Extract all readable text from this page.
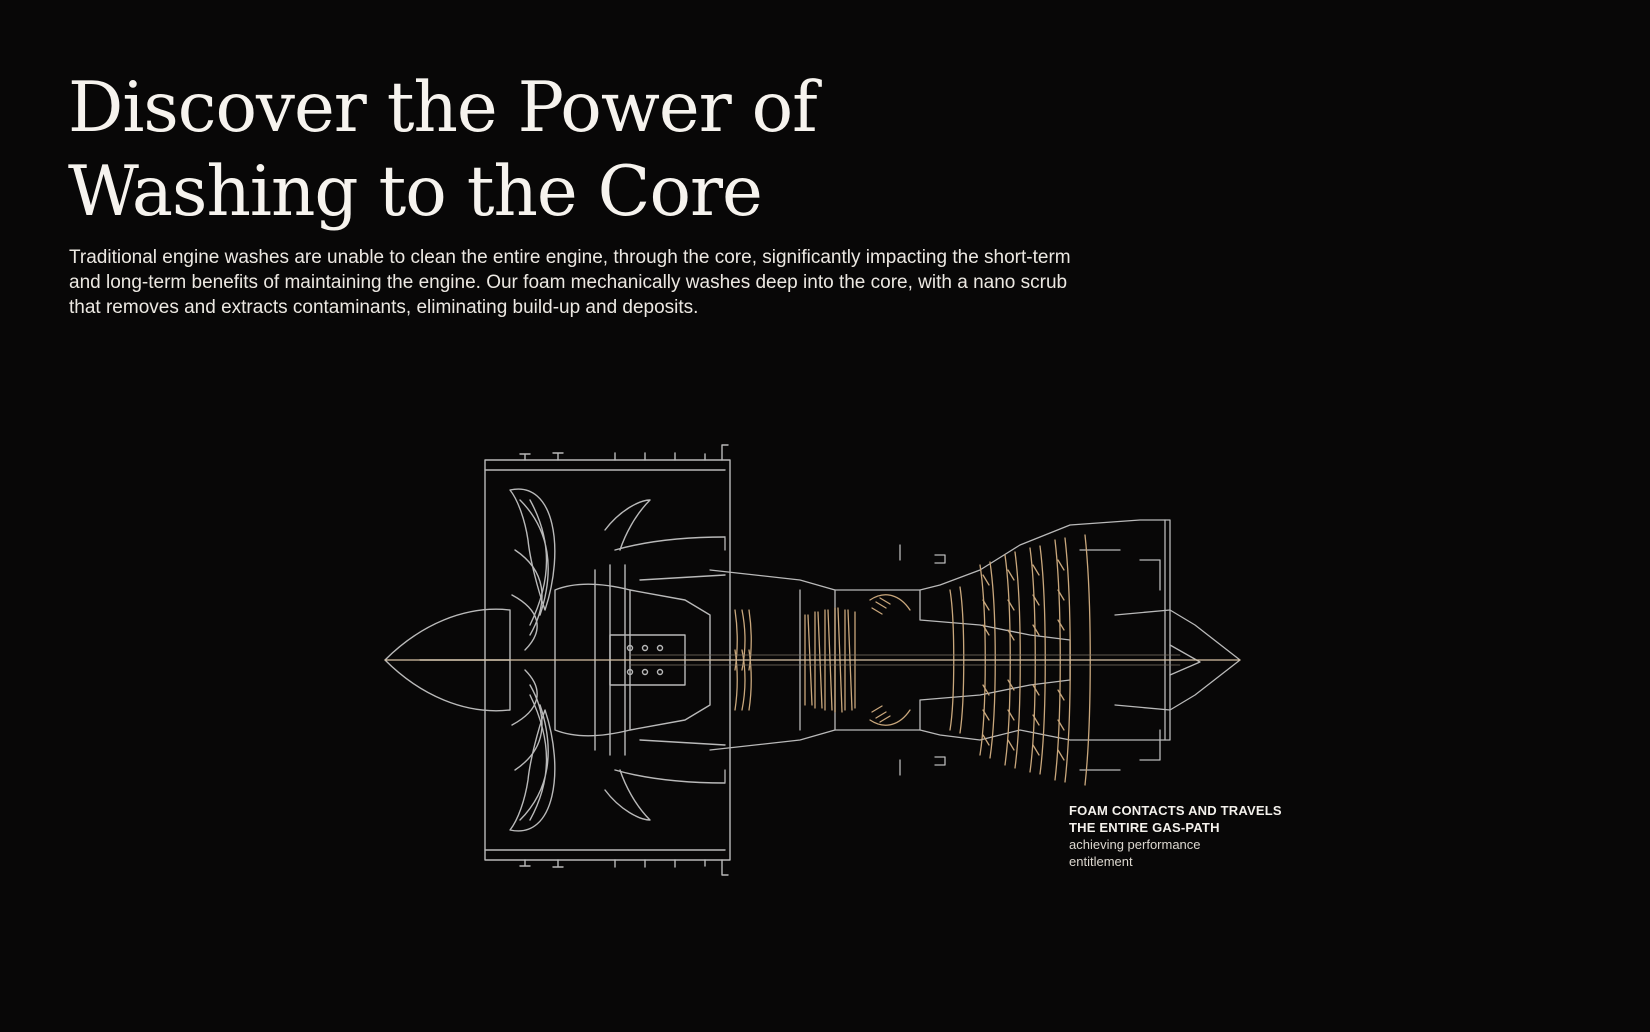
Discover the Power of
Washing to the Core

Traditional engine washes are unable to clean the entire engine, through the core, significantly impacting the short-term and long-term benefits of maintaining the engine. Our foam mechanically washes deep into the core, with a nano scrub that removes and extracts contaminants, eliminating build-up and deposits.

FOAM CONTACTS AND TRAVELS
THE ENTIRE GAS-PATH

achieving performance
entitlement
